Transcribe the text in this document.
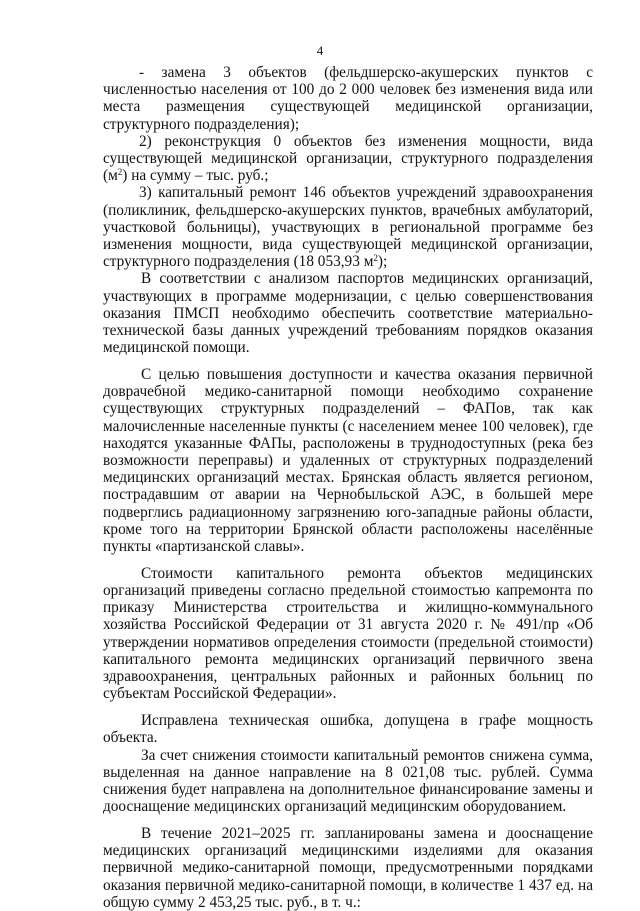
4

- замена 3 объектов (фельдшерско-акушерских пунктов с численностью населения от 100 до 2 000 человек без изменения вида или места размещения существующей медицинской организации, структурного подразделения);

2) реконструкция 0 объектов без изменения мощности, вида существующей медицинской организации, структурного подразделения $(м^2)$ на сумму – тыс. руб.;

3) капитальный ремонт 146 объектов учреждений здравоохранения (поликлиник, фельдшерско-акушерских пунктов, врачебных амбулаторий, участковой больницы), участвующих в региональной программе без изменения мощности, вида существующей медицинской организации, структурного подразделения (18 053,93 $м^2$);

В соответствии с анализом паспортов медицинских организаций, участвующих в программе модернизации, с целью совершенствования оказания ПМСП необходимо обеспечить соответствие материально-технической базы данных учреждений требованиям порядков оказания медицинской помощи.

С целью повышения доступности и качества оказания первичной доврачебной медико-санитарной помощи необходимо сохранение существующих структурных подразделений – ФАПов, так как малочисленные населенные пункты (с населением менее 100 человек), где находятся указанные ФАПы, расположены в труднодоступных (река без возможности переправы) и удаленных от структурных подразделений медицинских организаций местах. Брянская область является регионом, пострадавшим от аварии на Чернобыльской АЭС, в большей мере подверглись радиационному загрязнению юго-западные районы области, кроме того на территории Брянской области расположены населённые пункты «партизанской славы».

Стоимости капитального ремонта объектов медицинских организаций приведены согласно предельной стоимостью капремонта по приказу Министерства строительства и жилищно-коммунального хозяйства Российской Федерации от 31 августа 2020 г. № 491/пр «Об утверждении нормативов определения стоимости (предельной стоимости) капитального ремонта медицинских организаций первичного звена здравоохранения, центральных районных и районных больниц по субъектам Российской Федерации».

Исправлена техническая ошибка, допущена в графе мощность объекта.

За счет снижения стоимости капитальный ремонтов снижена сумма, выделенная на данное направление на 8 021,08 тыс. рублей. Сумма снижения будет направлена на дополнительное финансирование замены и дооснащение медицинских организаций медицинским оборудованием.

В течение 2021–2025 гг. запланированы замена и дооснащение медицинских организаций медицинскими изделиями для оказания первичной медико-санитарной помощи, предусмотренными порядками оказания первичной медико-санитарной помощи, в количестве 1 437 ед. на общую сумму 2 453,25 тыс. руб., в т. ч.:
